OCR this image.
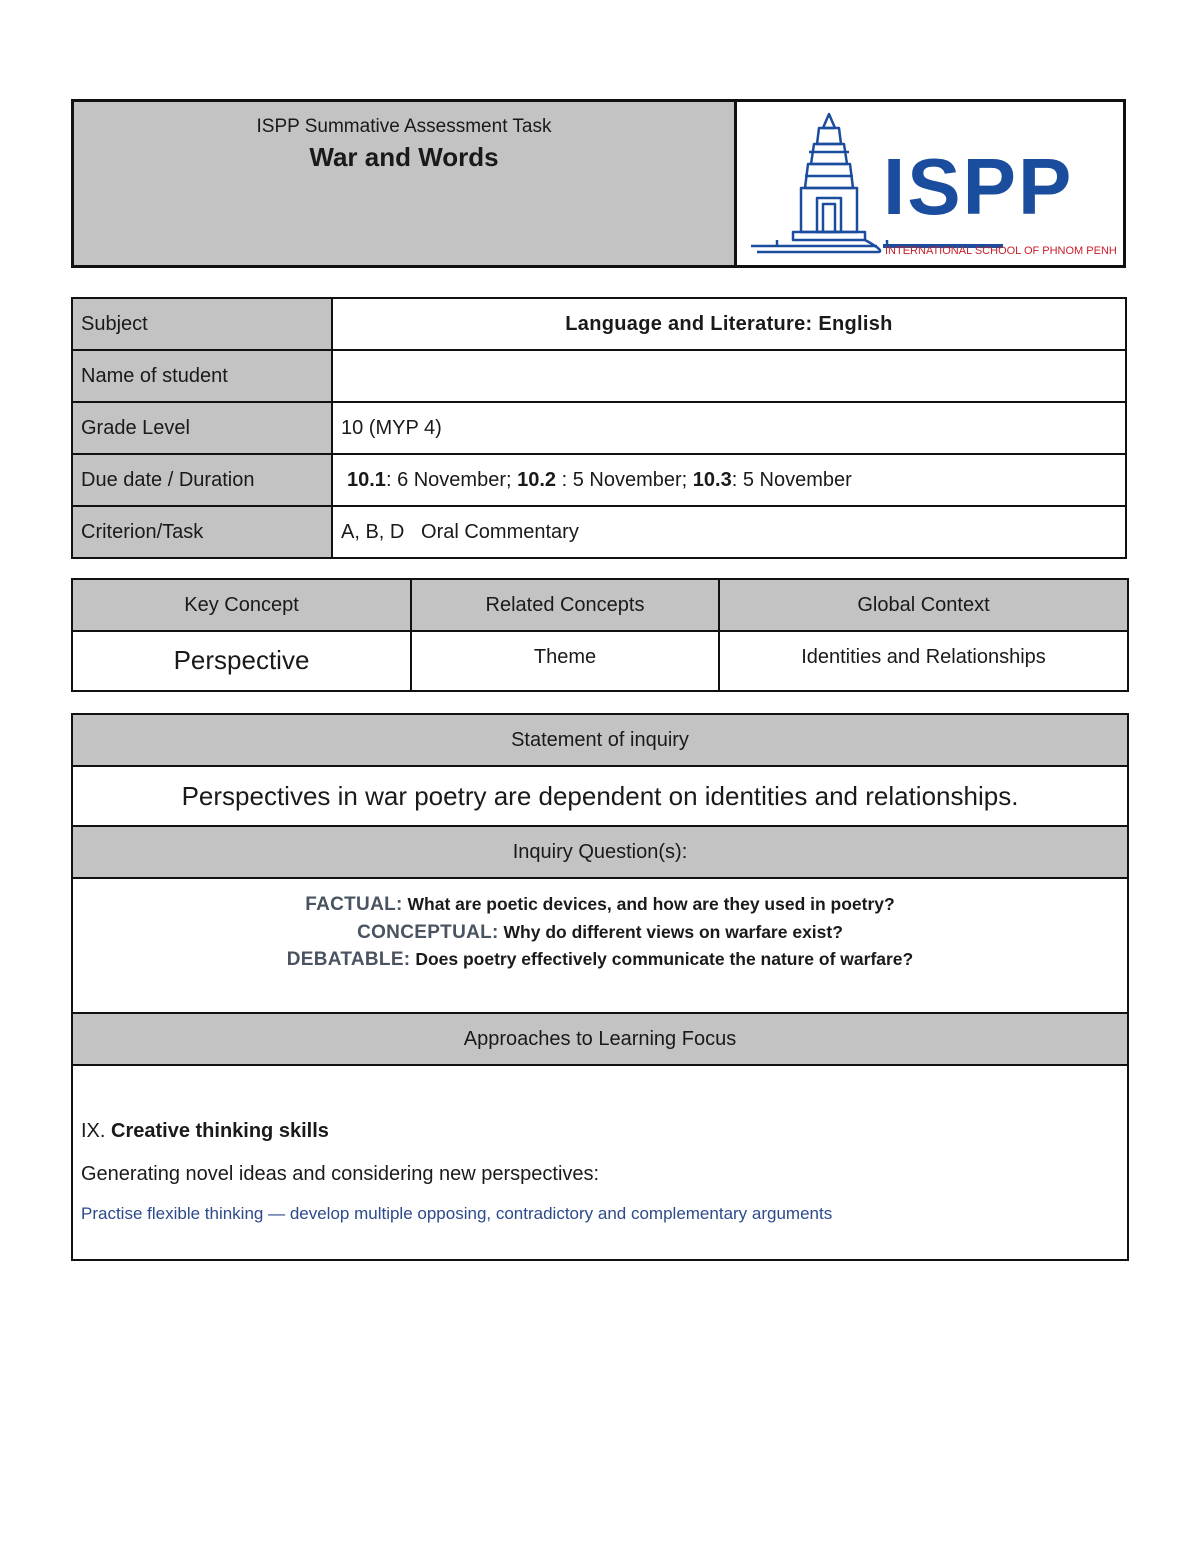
ISPP Summative Assessment Task
War and Words	ISPP
INTERNATIONAL SCHOOL OF PHNOM PENH
Subject	Language and Literature: English
Name of student	
Grade Level	10 (MYP 4)
Due date / Duration	10.1: 6 November; 10.2 : 5 November; 10.3: 5 November
Criterion/Task	A, B, D   Oral Commentary
Key Concept	Related Concepts	Global Context
Perspective	Theme	Identities and Relationships
Statement of inquiry
Perspectives in war poetry are dependent on identities and relationships.
Inquiry Question(s):

FACTUAL: What are poetic devices, and how are they used in poetry?
CONCEPTUAL: Why do different views on warfare exist?
DEBATABLE: Does poetry effectively communicate the nature of warfare?

Approaches to Learning Focus

IX. Creative thinking skills
Generating novel ideas and considering new perspectives:
Practise flexible thinking — develop multiple opposing, contradictory and complementary arguments
